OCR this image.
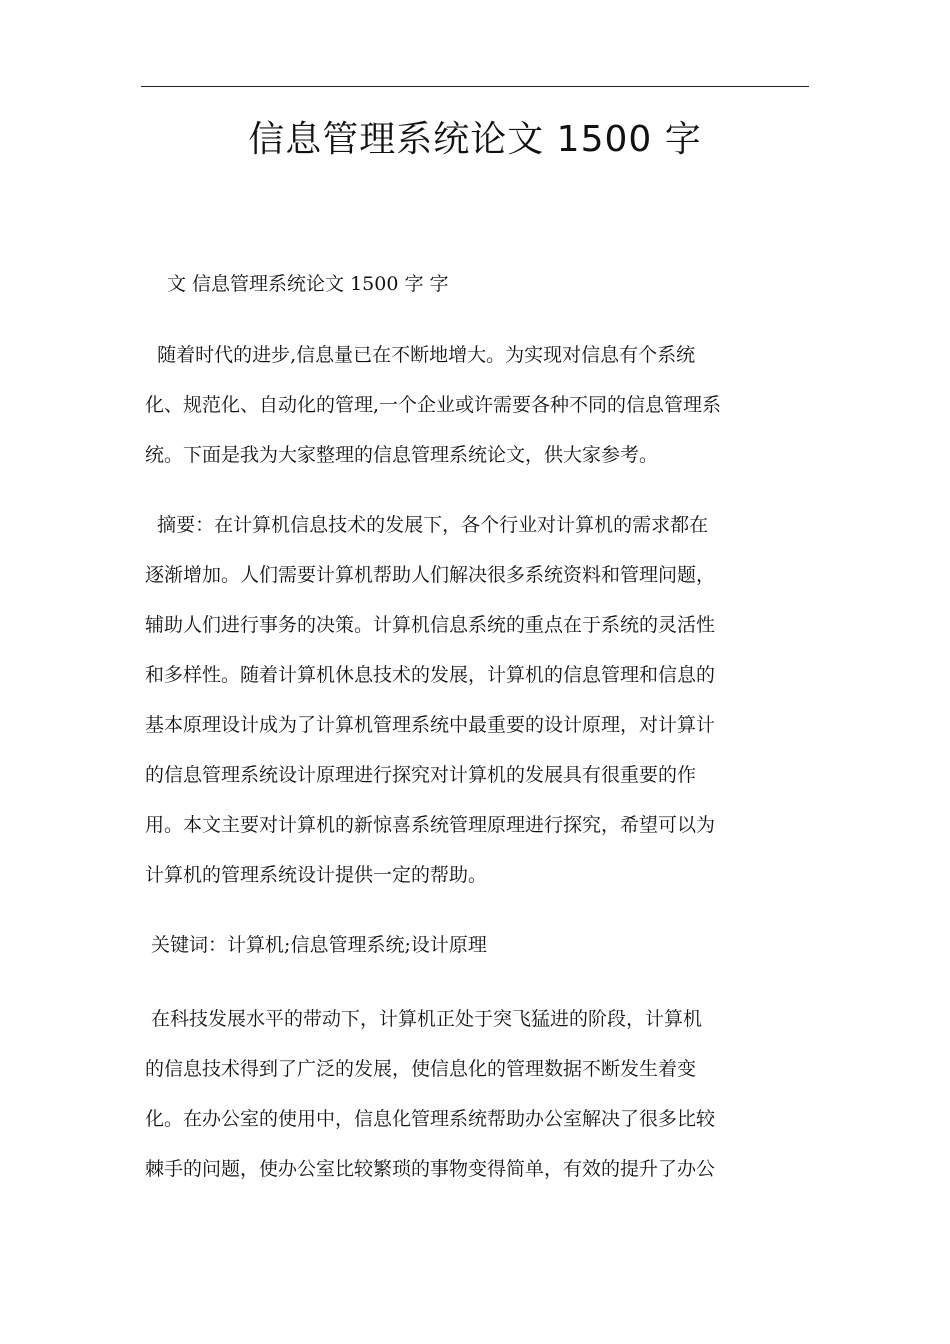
信息管理系统论文 1500 字
文 信息管理系统论文 1500 字 字
随着时代的进步,信息量已在不断地增大。为实现对信息有个系统
化、规范化、自动化的管理,一个企业或许需要各种不同的信息管理系
统。下面是我为大家整理的信息管理系统论文，供大家参考。
摘要：在计算机信息技术的发展下，各个行业对计算机的需求都在
逐渐增加。人们需要计算机帮助人们解决很多系统资料和管理问题，
辅助人们进行事务的决策。计算机信息系统的重点在于系统的灵活性
和多样性。随着计算机休息技术的发展，计算机的信息管理和信息的
基本原理设计成为了计算机管理系统中最重要的设计原理，对计算计
的信息管理系统设计原理进行探究对计算机的发展具有很重要的作
用。本文主要对计算机的新惊喜系统管理原理进行探究，希望可以为
计算机的管理系统设计提供一定的帮助。
关键词：计算机;信息管理系统;设计原理
在科技发展水平的带动下，计算机正处于突飞猛进的阶段，计算机
的信息技术得到了广泛的发展，使信息化的管理数据不断发生着变
化。在办公室的使用中，信息化管理系统帮助办公室解决了很多比较
棘手的问题，使办公室比较繁琐的事物变得简单，有效的提升了办公
